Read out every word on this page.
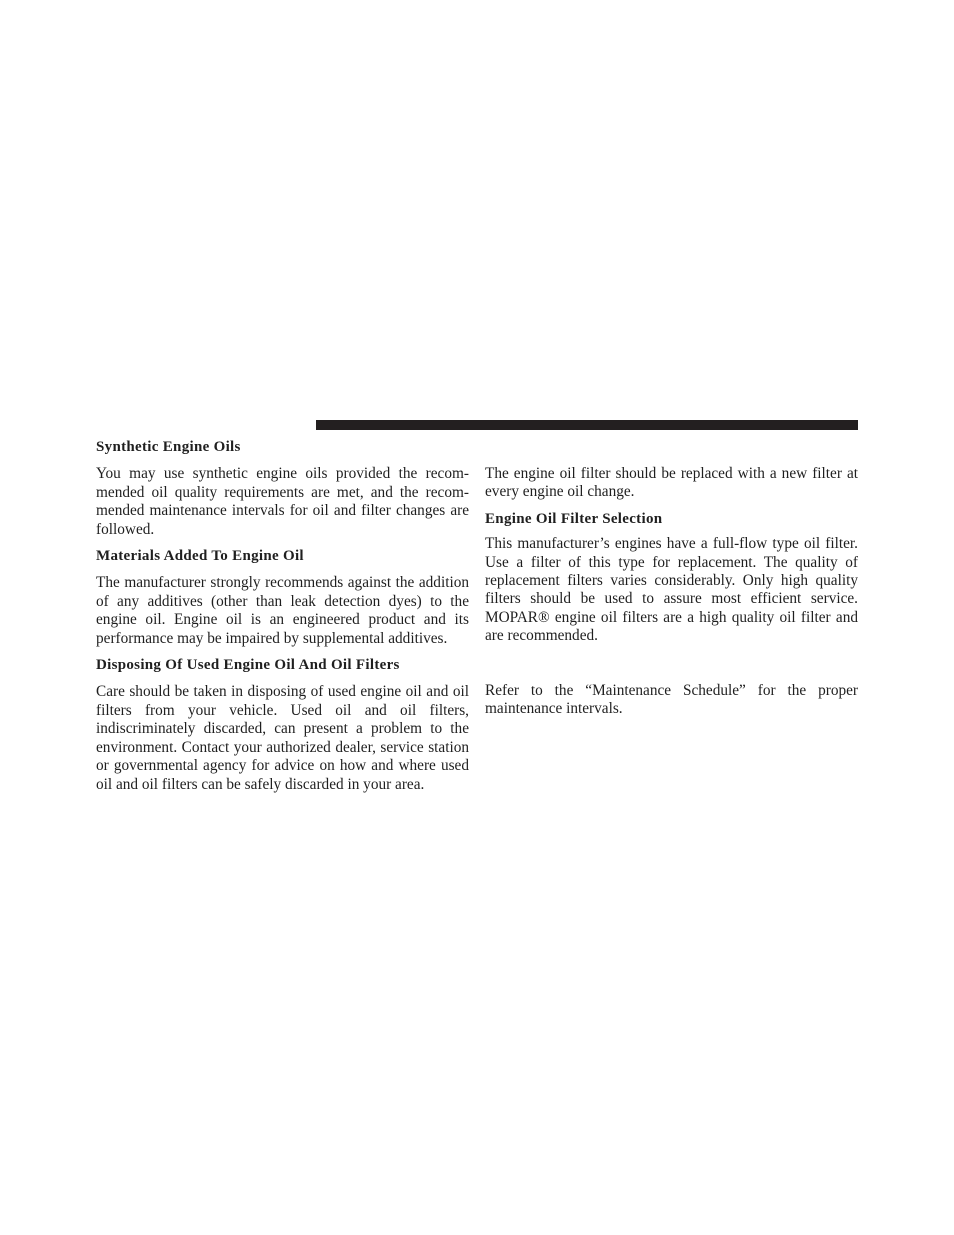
Synthetic Engine Oils

You may use synthetic engine oils provided the recommended oil quality requirements are met, and the recommended maintenance intervals for oil and filter changes are followed.

Materials Added To Engine Oil

The manufacturer strongly recommends against the addition of any additives (other than leak detection dyes) to the engine oil. Engine oil is an engineered product and its performance may be impaired by supplemental additives.

Disposing Of Used Engine Oil And Oil Filters

Care should be taken in disposing of used engine oil and oil filters from your vehicle. Used oil and oil filters, indiscriminately discarded, can present a problem to the environment. Contact your authorized dealer, service station or governmental agency for advice on how and where used oil and oil filters can be safely discarded in your area.

The engine oil filter should be replaced with a new filter at every engine oil change.

Engine Oil Filter Selection

This manufacturer’s engines have a full-flow type oil filter. Use a filter of this type for replacement. The quality of replacement filters varies considerably. Only high quality filters should be used to assure most efficient service. MOPAR® engine oil filters are a high quality oil filter and are recommended.

Refer to the “Maintenance Schedule” for the proper maintenance intervals.
